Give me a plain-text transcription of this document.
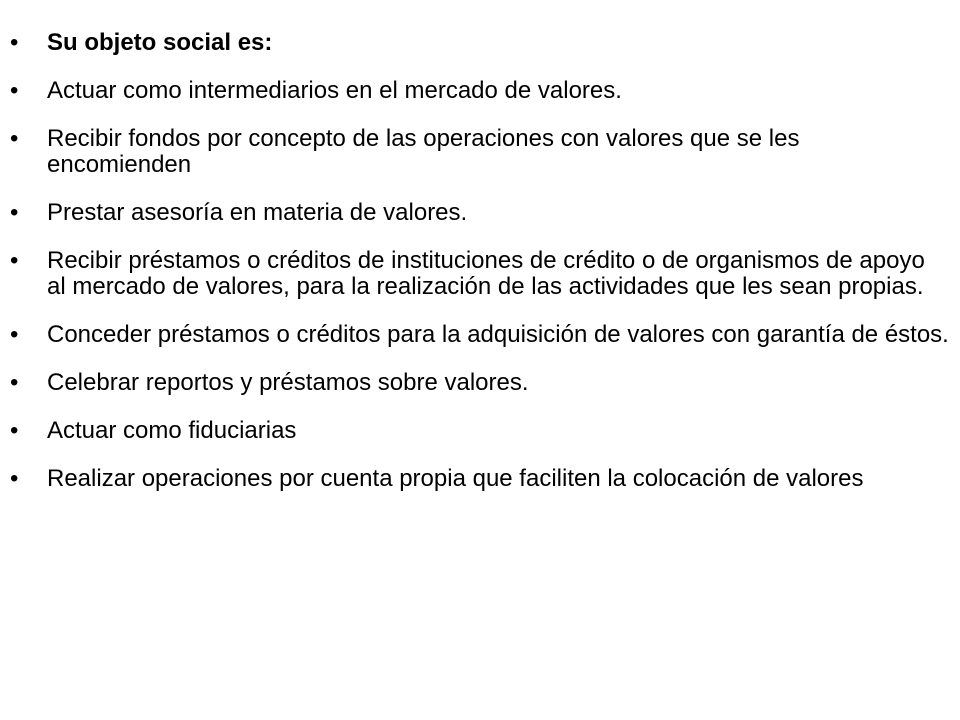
•	Su objeto social es:
•	Actuar como intermediarios en el mercado de valores.
•	Recibir fondos por concepto de las operaciones con valores que se les encomienden
•	Prestar asesoría en materia de valores.
•	Recibir préstamos o créditos de instituciones de crédito o de organismos de apoyo al mercado de valores, para la realización de las actividades que les sean propias.
•	Conceder préstamos o créditos para la adquisición de valores con garantía de éstos.
•	Celebrar reportos y préstamos sobre valores.
•	Actuar como fiduciarias
•	Realizar operaciones por cuenta propia que faciliten la colocación de valores
